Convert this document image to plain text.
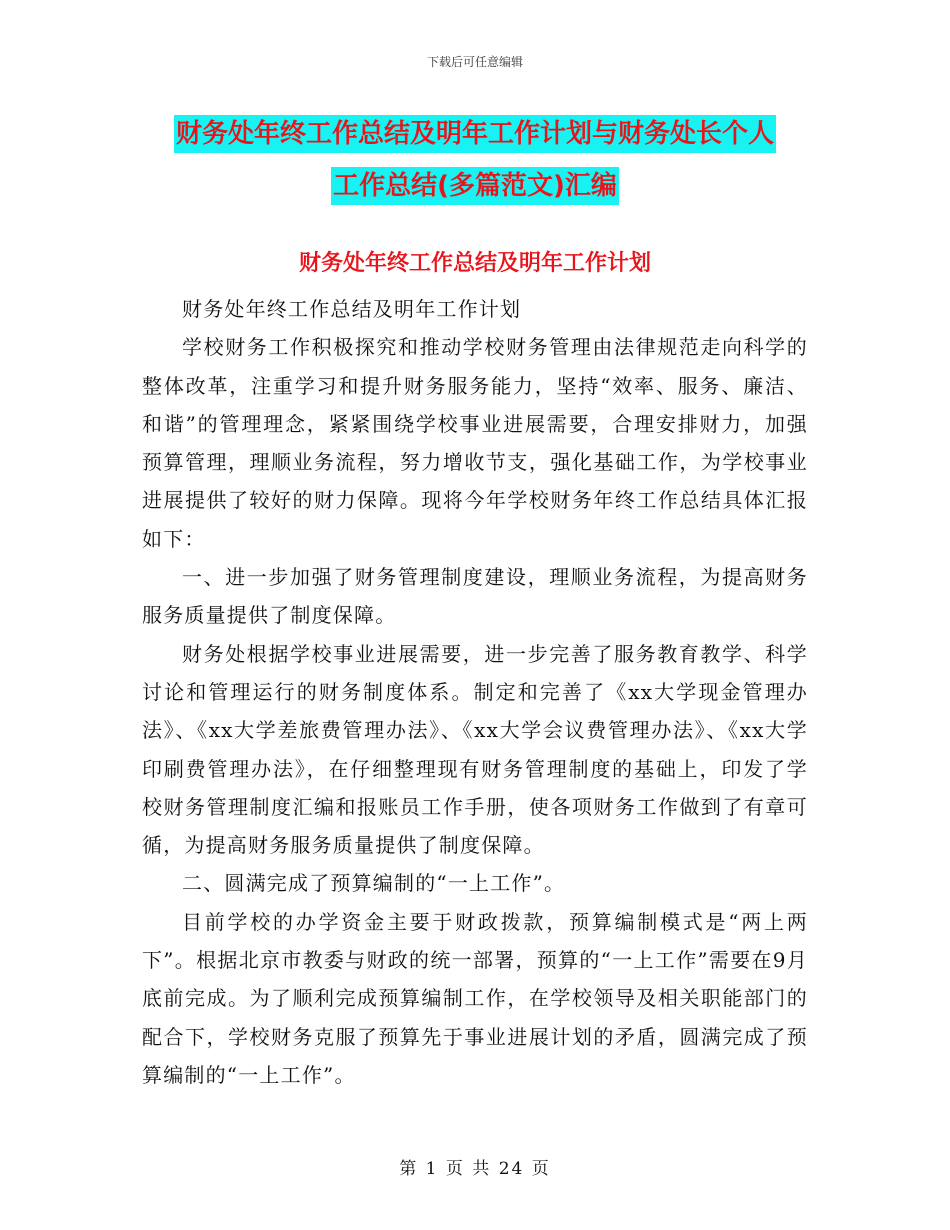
下载后可任意编辑
财务处年终工作总结及明年工作计划与财务处长个人
工作总结(多篇范文)汇编
财务处年终工作总结及明年工作计划

财务处年终工作总结及明年工作计划

学校财务工作积极探究和推动学校财务管理由法律规范走向科学的整体改革，注重学习和提升财务服务能力，坚持“效率、服务、廉洁、和谐”的管理理念，紧紧围绕学校事业进展需要，合理安排财力，加强预算管理，理顺业务流程，努力增收节支，强化基础工作，为学校事业进展提供了较好的财力保障。现将今年学校财务年终工作总结具体汇报如下：

一、进一步加强了财务管理制度建设，理顺业务流程，为提高财务服务质量提供了制度保障。

财务处根据学校事业进展需要，进一步完善了服务教育教学、科学讨论和管理运行的财务制度体系。制定和完善了《xx大学现金管理办法》、《xx大学差旅费管理办法》、《xx大学会议费管理办法》、《xx大学印刷费管理办法》，在仔细整理现有财务管理制度的基础上，印发了学校财务管理制度汇编和报账员工作手册，使各项财务工作做到了有章可循，为提高财务服务质量提供了制度保障。

二、圆满完成了预算编制的“一上工作”。

目前学校的办学资金主要于财政拨款，预算编制模式是“两上两下”。根据北京市教委与财政的统一部署，预算的“一上工作”需要在9月底前完成。为了顺利完成预算编制工作，在学校领导及相关职能部门的配合下，学校财务克服了预算先于事业进展计划的矛盾，圆满完成了预算编制的“一上工作”。

第 1 页 共 24 页
